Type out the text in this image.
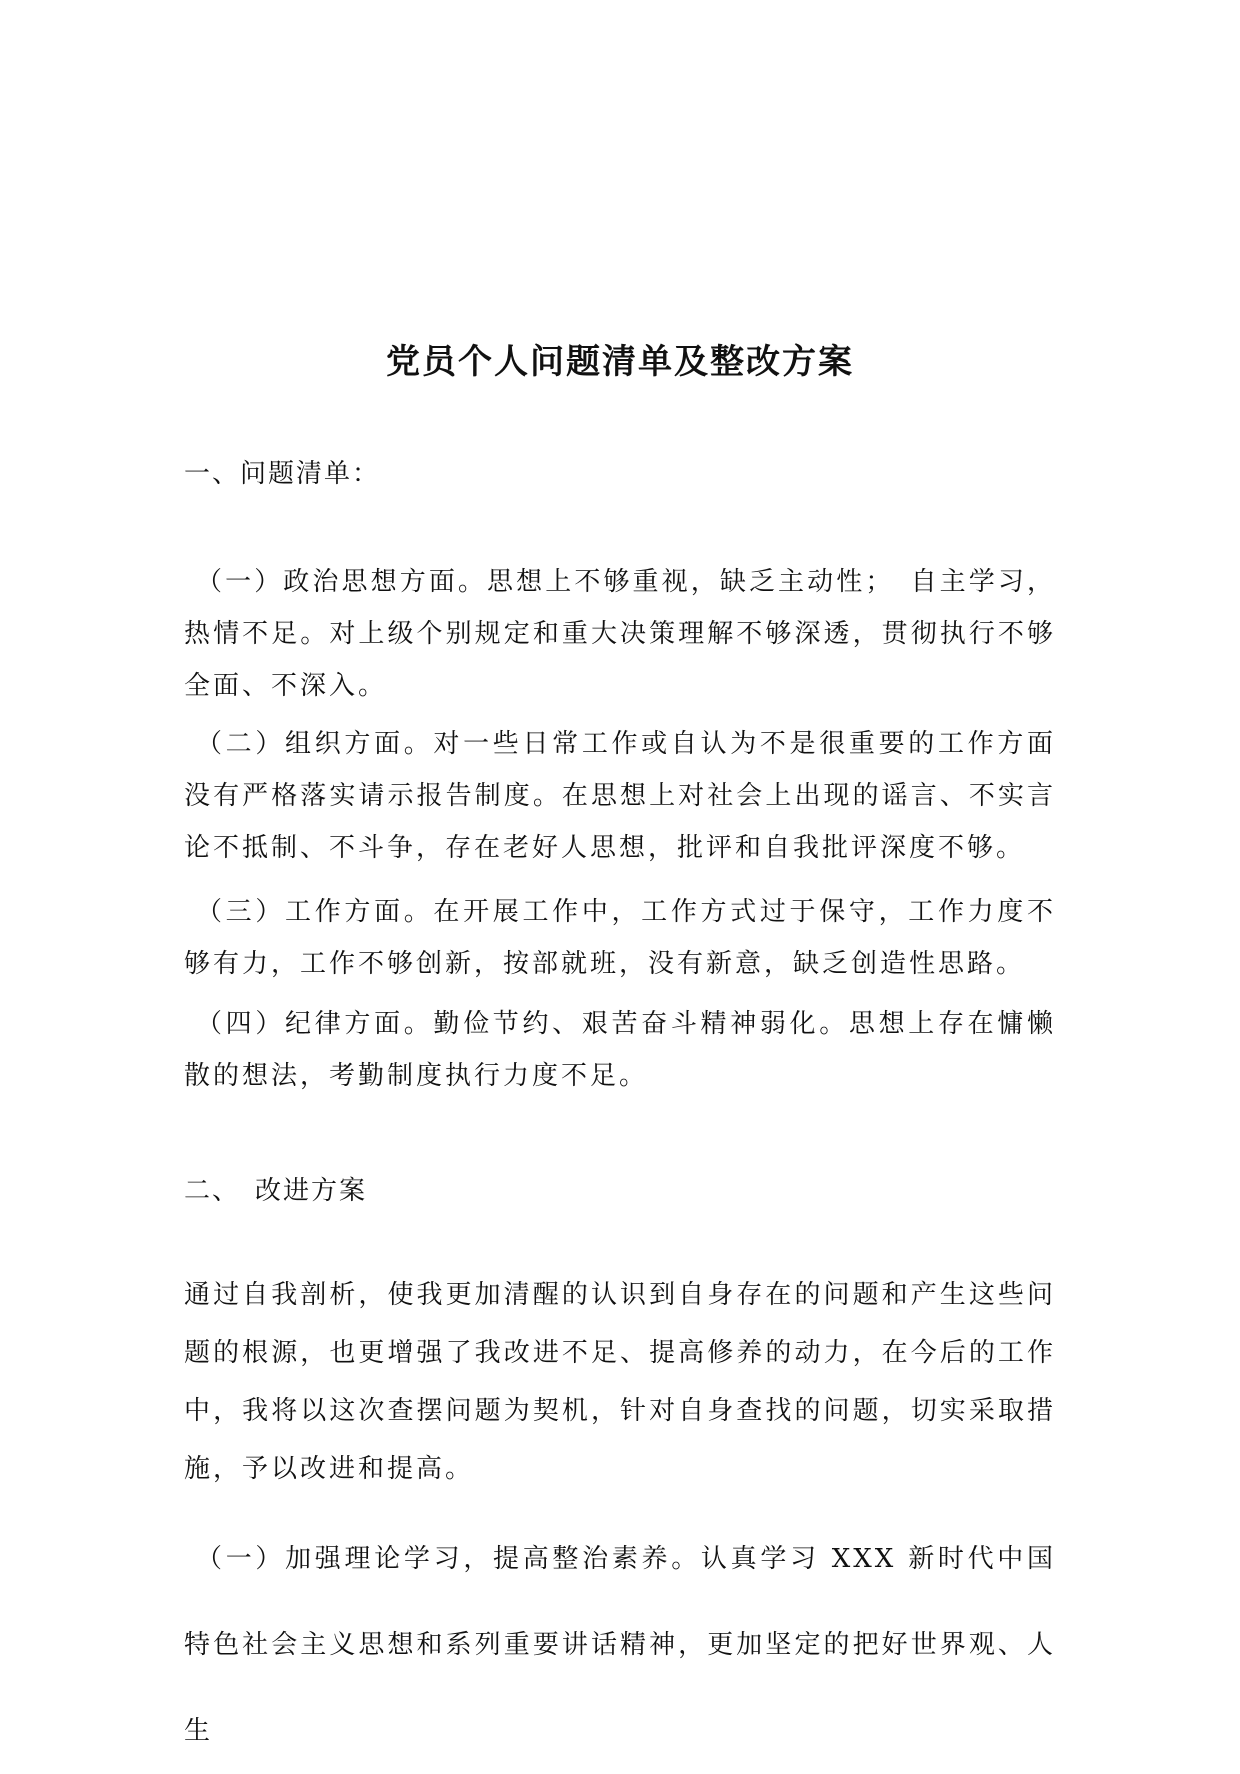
党员个人问题清单及整改方案
一、问题清单：
（一）政治思想方面。思想上不够重视，缺乏主动性；　自主学习，热情不足。对上级个别规定和重大决策理解不够深透，贯彻执行不够全面、不深入。
（二）组织方面。对一些日常工作或自认为不是很重要的工作方面没有严格落实请示报告制度。在思想上对社会上出现的谣言、不实言论不抵制、不斗争，存在老好人思想，批评和自我批评深度不够。
（三）工作方面。在开展工作中，工作方式过于保守，工作力度不够有力，工作不够创新，按部就班，没有新意，缺乏创造性思路。
（四）纪律方面。勤俭节约、艰苦奋斗精神弱化。思想上存在慵懒散的想法，考勤制度执行力度不足。
二、　改进方案
通过自我剖析，使我更加清醒的认识到自身存在的问题和产生这些问题的根源，也更增强了我改进不足、提高修养的动力，在今后的工作中，我将以这次查摆问题为契机，针对自身查找的问题，切实采取措施，予以改进和提高。
（一）加强理论学习，提高整治素养。认真学习 XXX 新时代中国特色社会主义思想和系列重要讲话精神，更加坚定的把好世界观、人生
